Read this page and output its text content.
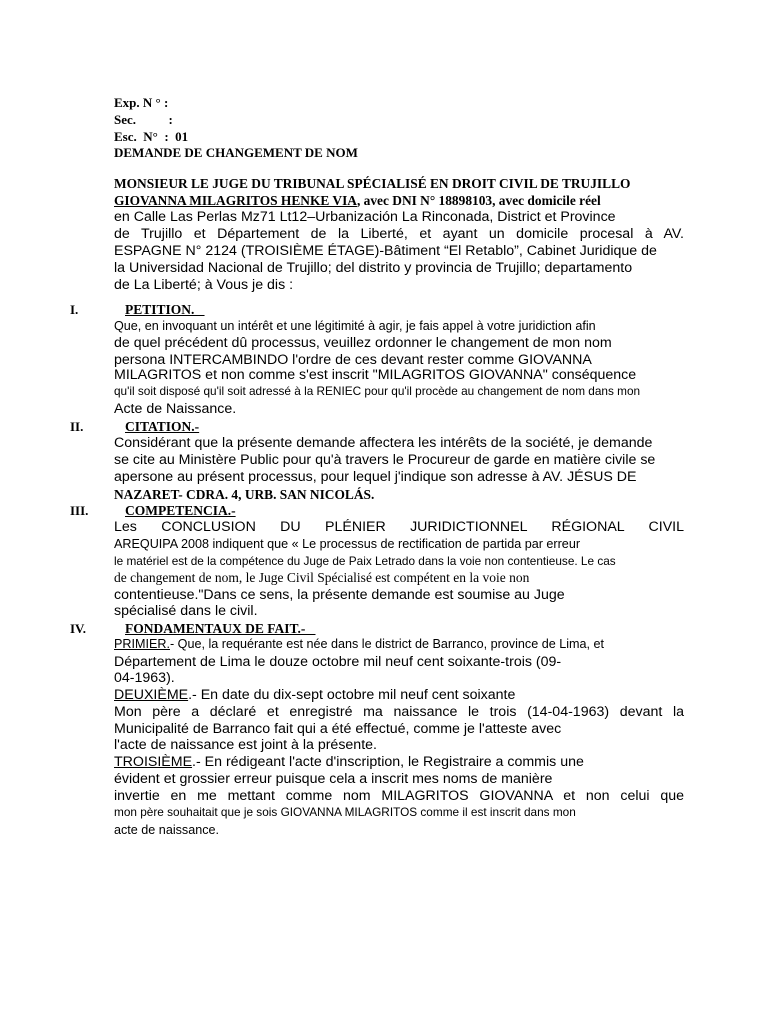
Exp. N ° :
Sec.          :
Esc.  N°  :  01
DEMANDE DE CHANGEMENT DE NOM
MONSIEUR LE JUGE DU TRIBUNAL SPÉCIALISÉ EN DROIT CIVIL DE TRUJILLO
GIOVANNA MILAGRITOS HENKE VIA, avec DNI N° 18898103, avec domicile réel
en Calle Las Perlas Mz71 Lt12–Urbanización La Rinconada, District et Province
de Trujillo et Département de la Liberté, et ayant un domicile procesal à AV.
ESPAGNE N° 2124 (TROISIÈME ÉTAGE)-Bâtiment “El Retablo”, Cabinet Juridique de
la Universidad Nacional de Trujillo; del distrito y provincia de Trujillo; departamento
de La Liberté; à Vous je dis :
I.	PETITION.
Que, en invoquant un intérêt et une légitimité à agir, je fais appel à votre juridiction afin
de quel précédent dû processus, veuillez ordonner le changement de mon nom
persona INTERCAMBINDO l'ordre de ces devant rester comme GIOVANNA
MILAGRITOS et non comme s'est inscrit "MILAGRITOS GIOVANNA" conséquence
qu'il soit disposé qu'il soit adressé à la RENIEC pour qu'il procède au changement de nom dans mon
Acte de Naissance.
II.	CITATION.-
Considérant que la présente demande affectera les intérêts de la société, je demande
se cite au Ministère Public pour qu'à travers le Procureur de garde en matière civile se
apersone au présent processus, pour lequel j'indique son adresse à AV. JÉSUS DE
NAZARET- CDRA. 4, URB. SAN NICOLÁS.
III.	COMPETENCIA.-
Les CONCLUSION DU PLÉNIER JURIDICTIONNEL RÉGIONAL CIVIL
AREQUIPA 2008 indiquent que « Le processus de rectification de partida par erreur
le matériel est de la compétence du Juge de Paix Letrado dans la voie non contentieuse. Le cas
de changement de nom, le Juge Civil Spécialisé est compétent en la voie non
contentieuse."Dans ce sens, la présente demande est soumise au Juge
spécialisé dans le civil.
IV.	FONDAMENTAUX DE FAIT.-
PRIMIER.- Que, la requérante est née dans le district de Barranco, province de Lima, et
Département de Lima le douze octobre mil neuf cent soixante-trois (09-
04-1963).
DEUXIÈME.- En date du dix-sept octobre mil neuf cent soixante
Mon père a déclaré et enregistré ma naissance le trois (14-04-1963) devant la
Municipalité de Barranco fait qui a été effectué, comme je l'atteste avec
l'acte de naissance est joint à la présente.
TROISIÈME.- En rédigeant l'acte d'inscription, le Registraire a commis une
évident et grossier erreur puisque cela a inscrit mes noms de manière
invertie en me mettant comme nom MILAGRITOS GIOVANNA et non celui que
mon père souhaitait que je sois GIOVANNA MILAGRITOS comme il est inscrit dans mon
acte de naissance.
